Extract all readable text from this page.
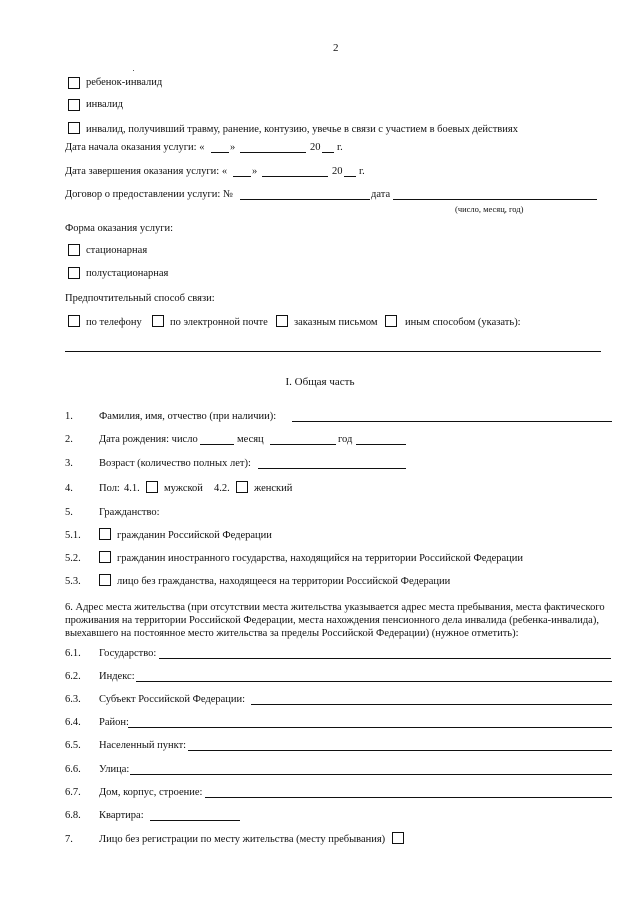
2
ребенок-инвалид
инвалид
инвалид, получивший травму, ранение, контузию, увечье в связи с участием в боевых действиях
Дата начала оказания услуги: « »	20 г.
Дата завершения оказания услуги: « »	20 г.
Договор о предоставлении услуги: №	дата
(число, месяц, год)
Форма оказания услуги:
стационарная
полустационарная
Предпочтительный способ связи:
по телефону	по электронной почте заказным письмом	иным способом (указать):
I. Общая часть
1. Фамилия, имя, отчество (при наличии):
2. Дата рождения: число	месяц	год
3. Возраст (количество полных лет):
4. Пол: 4.1. мужской 4.2. женский
5. Гражданство:
5.1.	гражданин Российской Федерации
5.2.	гражданин иностранного государства, находящийся на территории Российской Федерации
5.3.	лицо без гражданства, находящееся на территории Российской Федерации
6. Адрес места жительства (при отсутствии места жительства указывается адрес места пребывания, места фактического
проживания на территории Российской Федерации, места нахождения пенсионного дела инвалида (ребенка-инвалида),
выехавшего на постоянное место жительства за пределы Российской Федерации) (нужное отметить):
6.1. Государство:
6.2. Индекс:
6.3. Субъект Российской Федерации:
6.4. Район:
6.5. Населенный пункт:
6.6. Улица:
6.7. Дом, корпус, строение:
6.8. Квартира:
7. Лицо без регистрации по месту жительства (месту пребывания)
